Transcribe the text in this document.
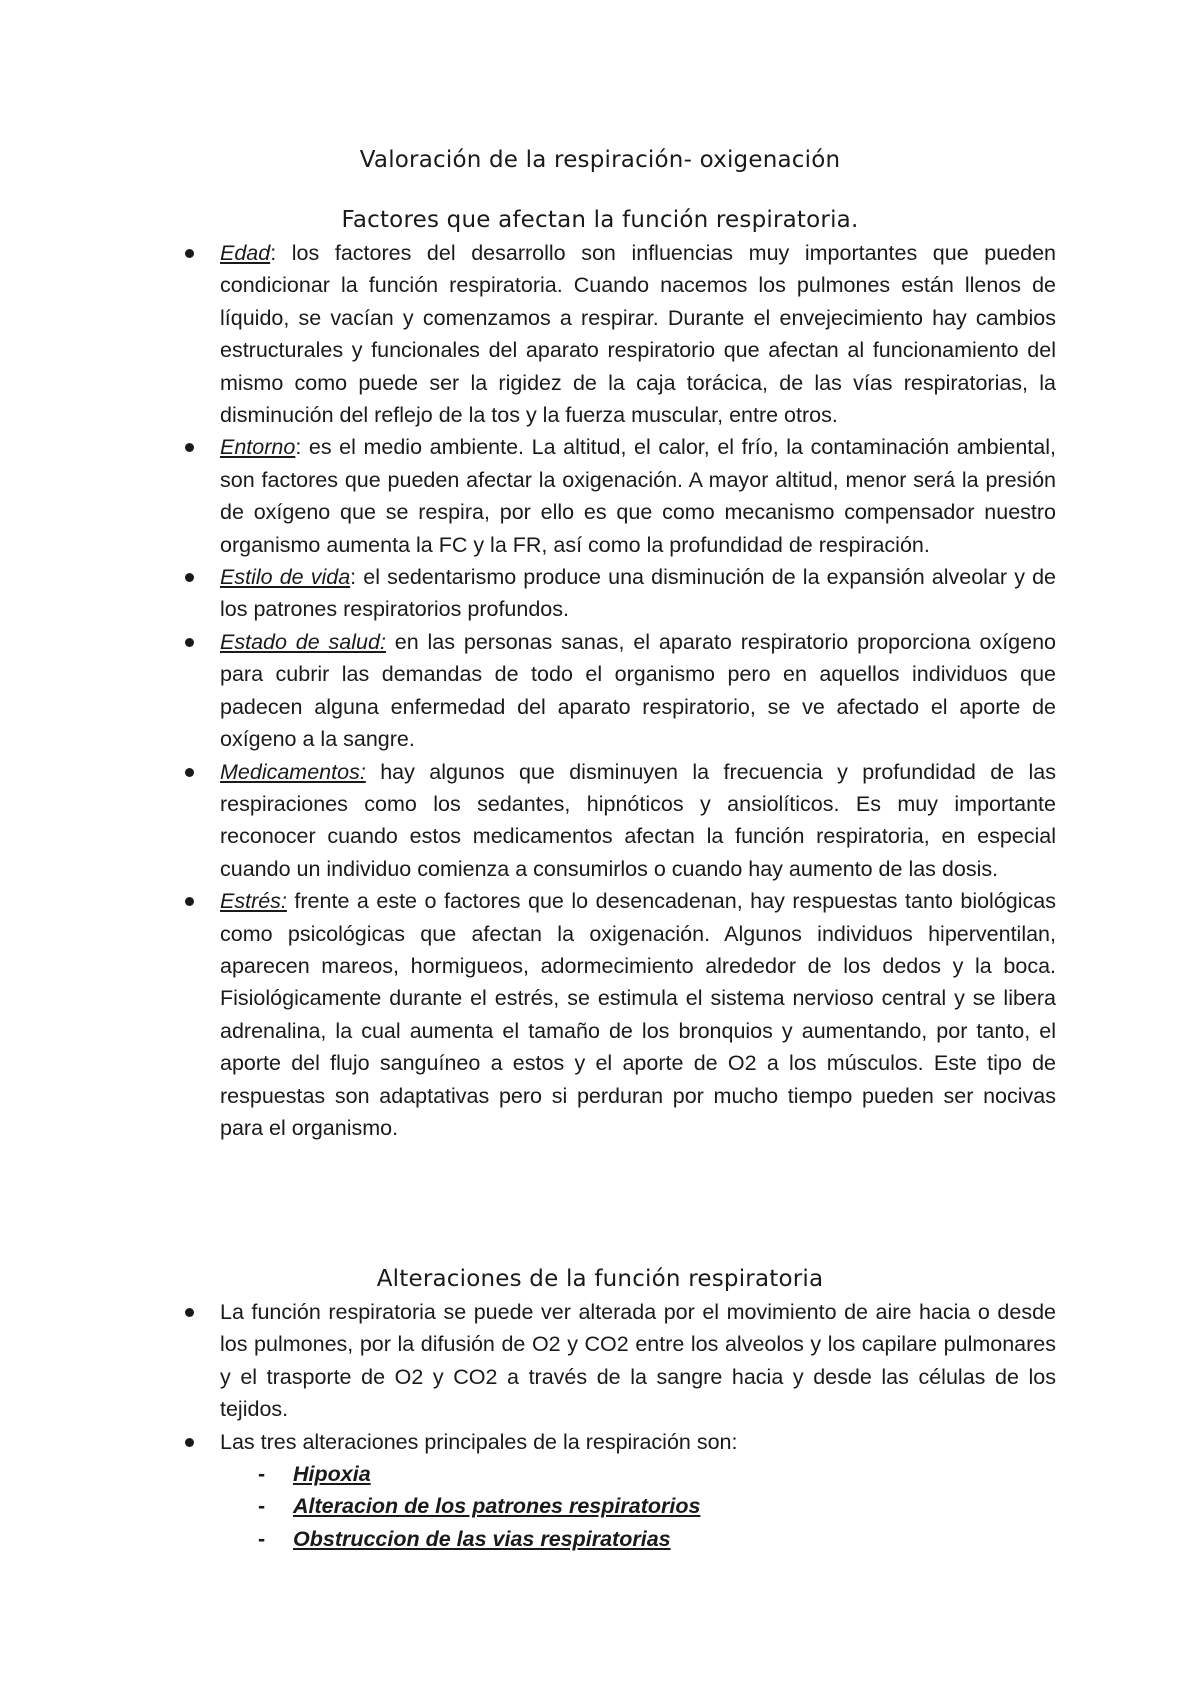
Valoración de la respiración- oxigenación
Factores que afectan la función respiratoria.
Edad: los factores del desarrollo son influencias muy importantes que pueden condicionar la función respiratoria. Cuando nacemos los pulmones están llenos de líquido, se vacían y comenzamos a respirar. Durante el envejecimiento hay cambios estructurales y funcionales del aparato respiratorio que afectan al funcionamiento del mismo como puede ser la rigidez de la caja torácica, de las vías respiratorias, la disminución del reflejo de la tos y la fuerza muscular, entre otros.
Entorno: es el medio ambiente. La altitud, el calor, el frío, la contaminación ambiental, son factores que pueden afectar la oxigenación. A mayor altitud, menor será la presión de oxígeno que se respira, por ello es que como mecanismo compensador nuestro organismo aumenta la FC y la FR, así como la profundidad de respiración.
Estilo de vida: el sedentarismo produce una disminución de la expansión alveolar y de los patrones respiratorios profundos.
Estado de salud: en las personas sanas, el aparato respiratorio proporciona oxígeno para cubrir las demandas de todo el organismo pero en aquellos individuos que padecen alguna enfermedad del aparato respiratorio, se ve afectado el aporte de oxígeno a la sangre.
Medicamentos: hay algunos que disminuyen la frecuencia y profundidad de las respiraciones como los sedantes, hipnóticos y ansiolíticos. Es muy importante reconocer cuando estos medicamentos afectan la función respiratoria, en especial cuando un individuo comienza a consumirlos o cuando hay aumento de las dosis.
Estrés: frente a este o factores que lo desencadenan, hay respuestas tanto biológicas como psicológicas que afectan la oxigenación. Algunos individuos hiperventilan, aparecen mareos, hormigueos, adormecimiento alrededor de los dedos y la boca. Fisiológicamente durante el estrés, se estimula el sistema nervioso central y se libera adrenalina, la cual aumenta el tamaño de los bronquios y aumentando, por tanto, el aporte del flujo sanguíneo a estos y el aporte de O2 a los músculos. Este tipo de respuestas son adaptativas pero si perduran por mucho tiempo pueden ser nocivas para el organismo.
Alteraciones de la función respiratoria
La función respiratoria se puede ver alterada por el movimiento de aire hacia o desde los pulmones, por la difusión de O2 y CO2 entre los alveolos y los capilare pulmonares y el trasporte de O2 y CO2 a través de la sangre hacia y desde las células de los tejidos.
Las tres alteraciones principales de la respiración son:
- Hipoxia
- Alteracion de los patrones respiratorios
- Obstruccion de las vias respiratorias
